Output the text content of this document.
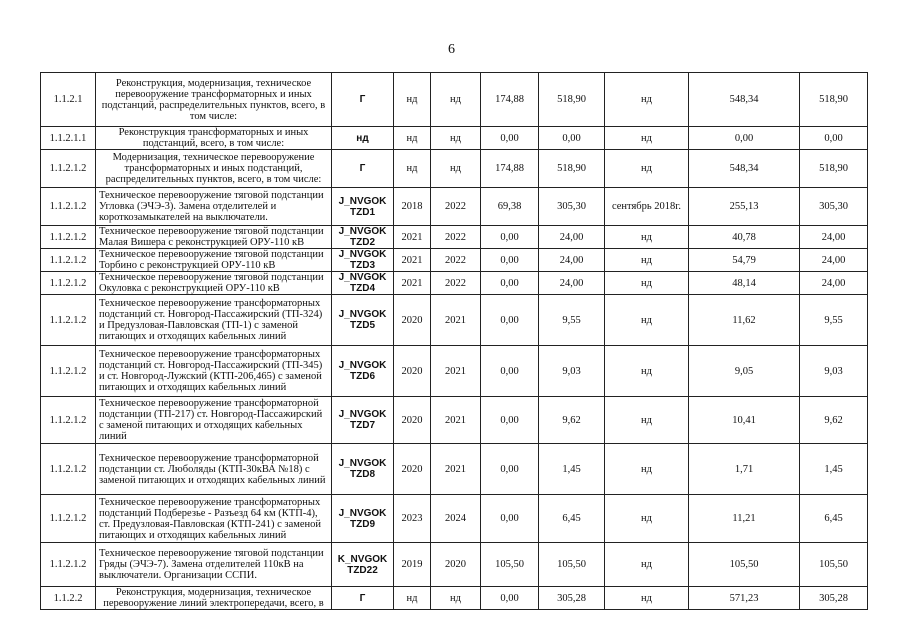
6
1.1.2.1	Реконструкция, модернизация, техническое перевооружение трансформаторных и иных подстанций, распределительных пунктов, всего, в том числе:	Г	нд	нд	174,88	518,90	нд	548,34	518,90
1.1.2.1.1	Реконструкция трансформаторных и иных подстанций, всего, в том числе:	нд	нд	нд	0,00	0,00	нд	0,00	0,00
1.1.2.1.2	Модернизация, техническое перевооружение трансформаторных и иных подстанций, распределительных пунктов, всего, в том числе:	Г	нд	нд	174,88	518,90	нд	548,34	518,90
1.1.2.1.2	Техническое перевооружение тяговой подстанции Угловка (ЭЧЭ-3). Замена отделителей и короткозамыкателей на выключатели.	J_NVGOK TZD1	2018	2022	69,38	305,30	сентябрь 2018г.	255,13	305,30
1.1.2.1.2	Техническое перевооружение тяговой подстанции Малая Вишера с реконструкцией ОРУ-110 кВ	J_NVGOK TZD2	2021	2022	0,00	24,00	нд	40,78	24,00
1.1.2.1.2	Техническое перевооружение тяговой подстанции Торбино с реконструкцией ОРУ-110 кВ	J_NVGOK TZD3	2021	2022	0,00	24,00	нд	54,79	24,00
1.1.2.1.2	Техническое перевооружение тяговой подстанции Окуловка с реконструкцией ОРУ-110 кВ	J_NVGOK TZD4	2021	2022	0,00	24,00	нд	48,14	24,00
1.1.2.1.2	Техническое перевооружение трансформаторных подстанций ст. Новгород-Пассажирский (ТП-324) и Предузловая-Павловская (ТП-1) с заменой питающих и отходящих кабельных линий	J_NVGOK TZD5	2020	2021	0,00	9,55	нд	11,62	9,55
1.1.2.1.2	Техническое перевооружение трансформаторных подстанций ст. Новгород-Пассажирский (ТП-345) и ст. Новгород-Лужский (КТП-206,465) с заменой питающих и отходящих кабельных линий	J_NVGOK TZD6	2020	2021	0,00	9,03	нд	9,05	9,03
1.1.2.1.2	Техническое перевооружение трансформаторной подстанции (ТП-217) ст. Новгород-Пассажирский с заменой питающих и отходящих кабельных линий	J_NVGOK TZD7	2020	2021	0,00	9,62	нд	10,41	9,62
1.1.2.1.2	Техническое перевооружение трансформаторной подстанции ст. Люболяды (КТП-30кВА №18) с заменой питающих и отходящих кабельных линий	J_NVGOK TZD8	2020	2021	0,00	1,45	нд	1,71	1,45
1.1.2.1.2	Техническое перевооружение трансформаторных подстанций Подберезье - Разъезд 64 км (КТП-4), ст. Предузловая-Павловская (КТП-241) с заменой питающих и отходящих кабельных линий	J_NVGOK TZD9	2023	2024	0,00	6,45	нд	11,21	6,45
1.1.2.1.2	Техническое перевооружение тяговой подстанции Гряды (ЭЧЭ-7). Замена отделителей 110кВ на выключатели. Организации ССПИ.	K_NVGOK TZD22	2019	2020	105,50	105,50	нд	105,50	105,50
1.1.2.2	Реконструкция, модернизация, техническое перевооружение линий электропередачи, всего, в	Г	нд	нд	0,00	305,28	нд	571,23	305,28
